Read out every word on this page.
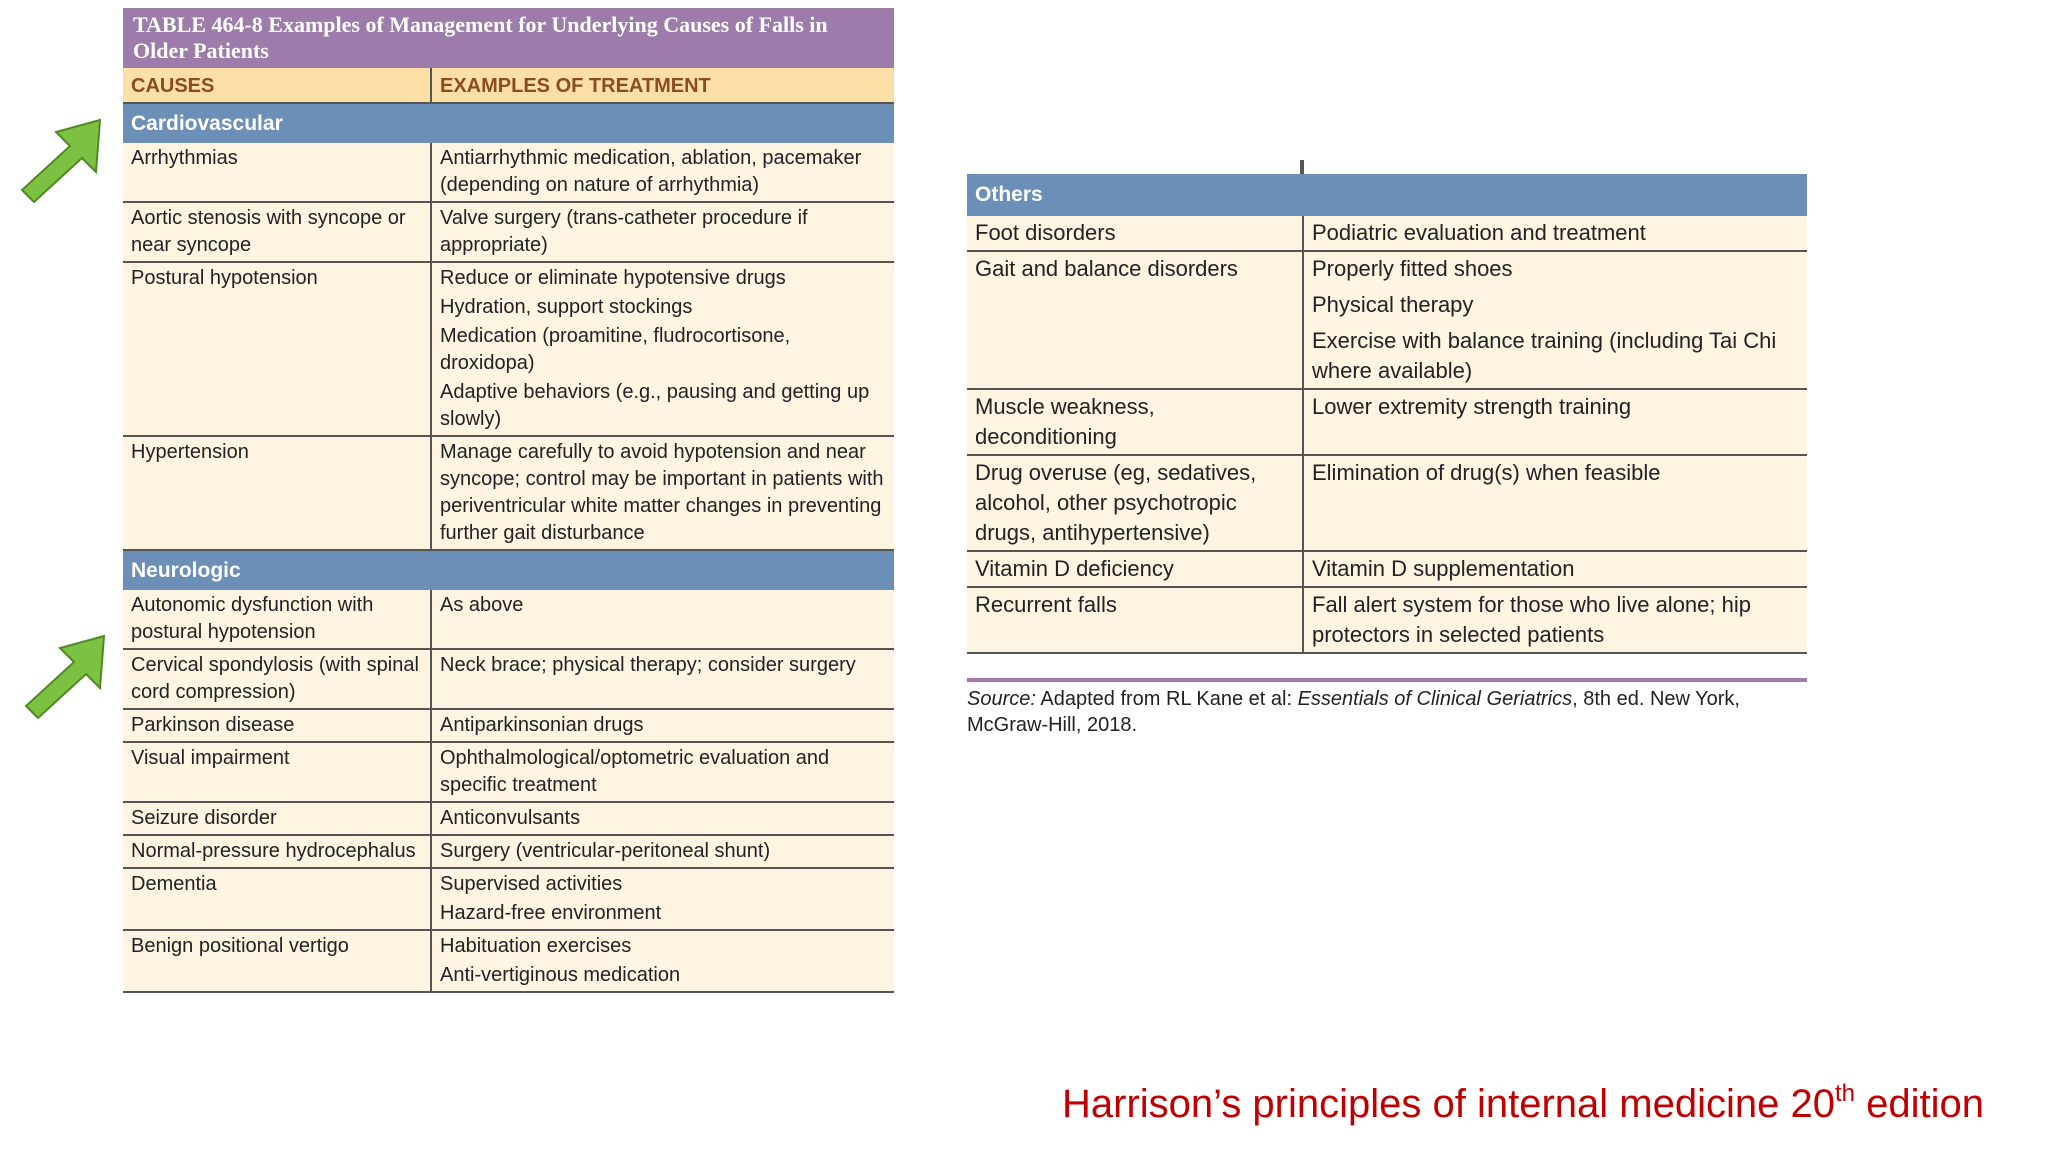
TABLE 464-8 Examples of Management for Underlying Causes of Falls in Older Patients
CAUSES	EXAMPLES OF TREATMENT
Cardiovascular	
Arrhythmias	Antiarrhythmic medication, ablation, pacemaker (depending on nature of arrhythmia)

Aortic stenosis with syncope or near syncope	Valve surgery (trans-catheter procedure if appropriate)

Postural hypotension	Reduce or eliminate hypotensive drugs
Hydration, support stockings
Medication (proamitine, fludrocortisone, droxidopa)
Adaptive behaviors (e.g., pausing and getting up slowly)

Hypertension	Manage carefully to avoid hypotension and near syncope; control may be important in patients with periventricular white matter changes in preventing further gait disturbance

Neurologic	
Autonomic dysfunction with postural hypotension	As above

Cervical spondylosis (with spinal cord compression)	Neck brace; physical therapy; consider surgery

Parkinson disease	Antiparkinsonian drugs

Visual impairment	Ophthalmological/optometric evaluation and specific treatment

Seizure disorder	Anticonvulsants

Normal-pressure hydrocephalus	Surgery (ventricular-peritoneal shunt)

Dementia	Supervised activities
Hazard-free environment

Benign positional vertigo	Habituation exercises
Anti-vertiginous medication
Others	
Foot disorders	Podiatric evaluation and treatment

Gait and balance disorders	Properly fitted shoes
Physical therapy
Exercise with balance training (including Tai Chi where available)

Muscle weakness, deconditioning	Lower extremity strength training

Drug overuse (eg, sedatives, alcohol, other psychotropic drugs, antihypertensive)	Elimination of drug(s) when feasible

Vitamin D deficiency	Vitamin D supplementation

Recurrent falls	Fall alert system for those who live alone; hip protectors in selected patients
Source: Adapted from RL Kane et al: Essentials of Clinical Geriatrics, 8th ed. New York, McGraw-Hill, 2018.
Harrison’s principles of internal medicine 20th edition
